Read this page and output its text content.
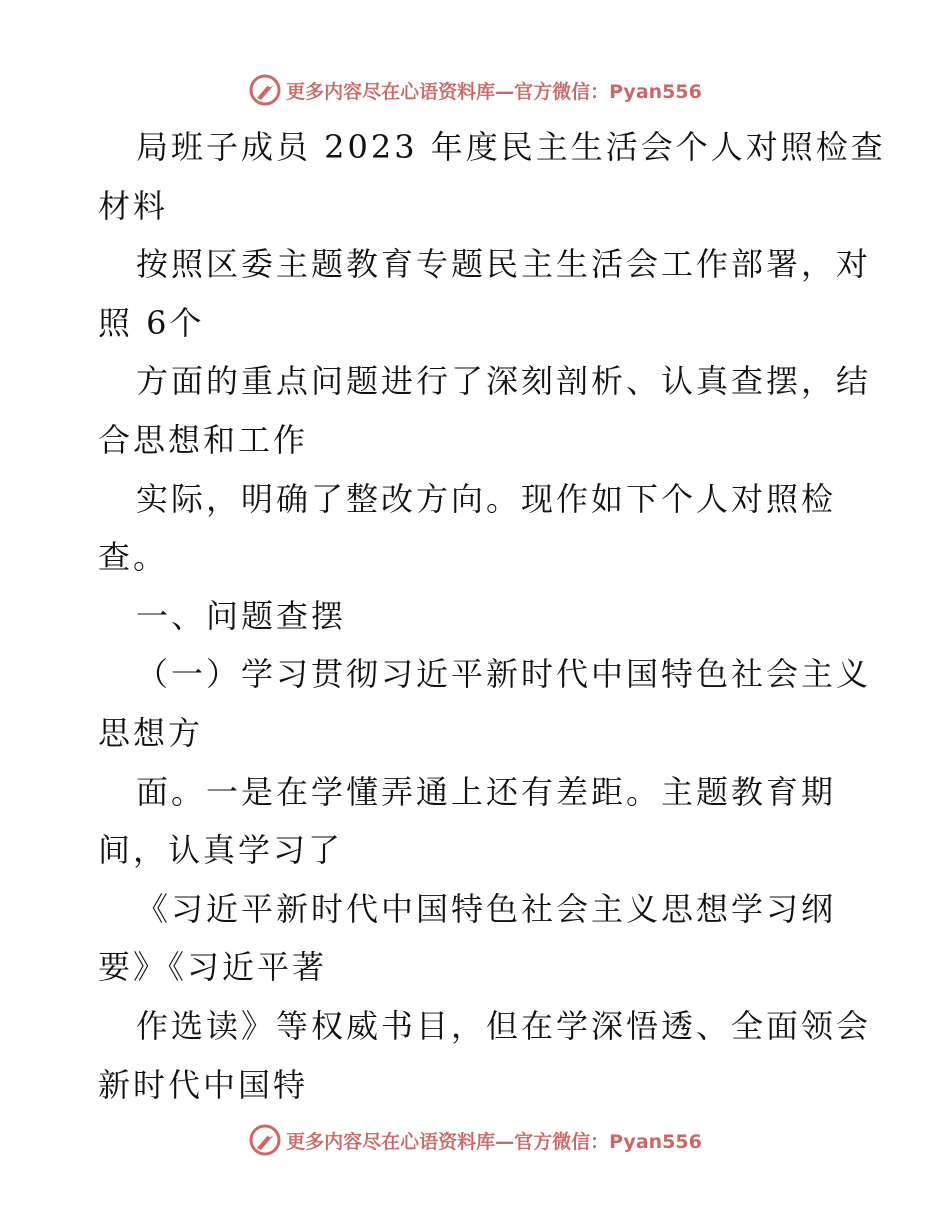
更多内容尽在心语资料库—官方微信：Pyan556
局班子成员 2023 年度民主生活会个人对照检查
材料
按照区委主题教育专题民主生活会工作部署，对
照 6个
方面的重点问题进行了深刻剖析、认真查摆，结
合思想和工作
实际，明确了整改方向。现作如下个人对照检
查。
一、问题查摆
（一）学习贯彻习近平新时代中国特色社会主义
思想方
面。一是在学懂弄通上还有差距。主题教育期
间，认真学习了
《习近平新时代中国特色社会主义思想学习纲
要》《习近平著
作选读》等权威书目，但在学深悟透、全面领会
新时代中国特
更多内容尽在心语资料库—官方微信：Pyan556
